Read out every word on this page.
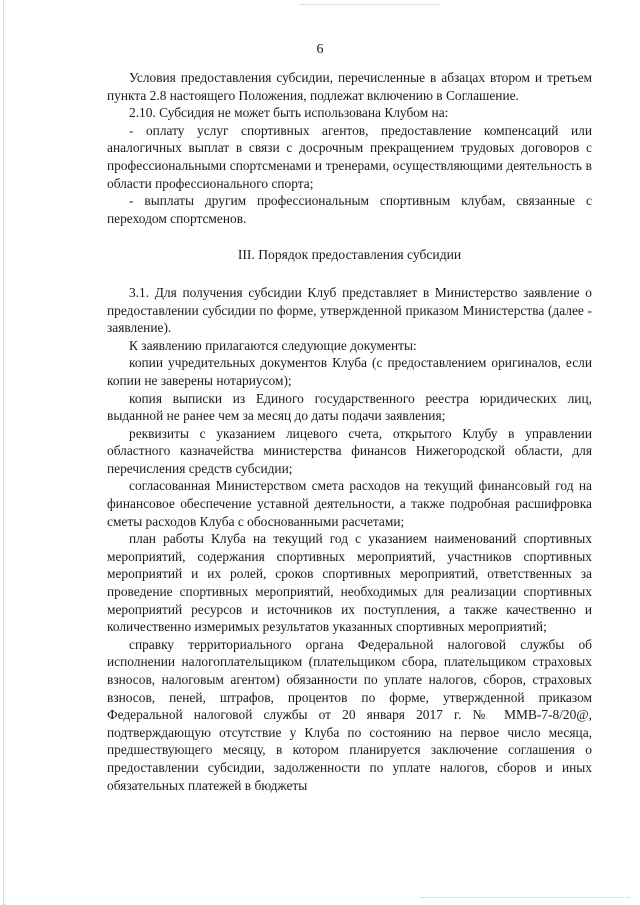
6

Условия предоставления субсидии, перечисленные в абзацах втором и третьем пункта 2.8 настоящего Положения, подлежат включению в Соглашение.

2.10. Субсидия не может быть использована Клубом на:

- оплату услуг спортивных агентов, предоставление компенсаций или аналогичных выплат в связи с досрочным прекращением трудовых договоров с профессиональными спортсменами и тренерами, осуществляющими деятельность в области профессионального спорта;

- выплаты другим профессиональным спортивным клубам, связанные с переходом спортсменов.

III. Порядок предоставления субсидии

3.1. Для получения субсидии Клуб представляет в Министерство заявление о предоставлении субсидии по форме, утвержденной приказом Министерства (далее - заявление).

К заявлению прилагаются следующие документы:

копии учредительных документов Клуба (с предоставлением оригиналов, если копии не заверены нотариусом);

копия выписки из Единого государственного реестра юридических лиц, выданной не ранее чем за месяц до даты подачи заявления;

реквизиты с указанием лицевого счета, открытого Клубу в управлении областного казначейства министерства финансов Нижегородской области, для перечисления средств субсидии;

согласованная Министерством смета расходов на текущий финансовый год на финансовое обеспечение уставной деятельности, а также подробная расшифровка сметы расходов Клуба с обоснованными расчетами;

план работы Клуба на текущий год с указанием наименований спортивных мероприятий, содержания спортивных мероприятий, участников спортивных мероприятий и их ролей, сроков спортивных мероприятий, ответственных за проведение спортивных мероприятий, необходимых для реализации спортивных мероприятий ресурсов и источников их поступления, а также качественно и количественно измеримых результатов указанных спортивных мероприятий;

справку территориального органа Федеральной налоговой службы об исполнении налогоплательщиком (плательщиком сбора, плательщиком страховых взносов, налоговым агентом) обязанности по уплате налогов, сборов, страховых взносов, пеней, штрафов, процентов по форме, утвержденной приказом Федеральной налоговой службы от 20 января 2017 г. № ММВ-7-8/20@, подтверждающую отсутствие у Клуба по состоянию на первое число месяца, предшествующего месяцу, в котором планируется заключение соглашения о предоставлении субсидии, задолженности по уплате налогов, сборов и иных обязательных платежей в бюджеты
